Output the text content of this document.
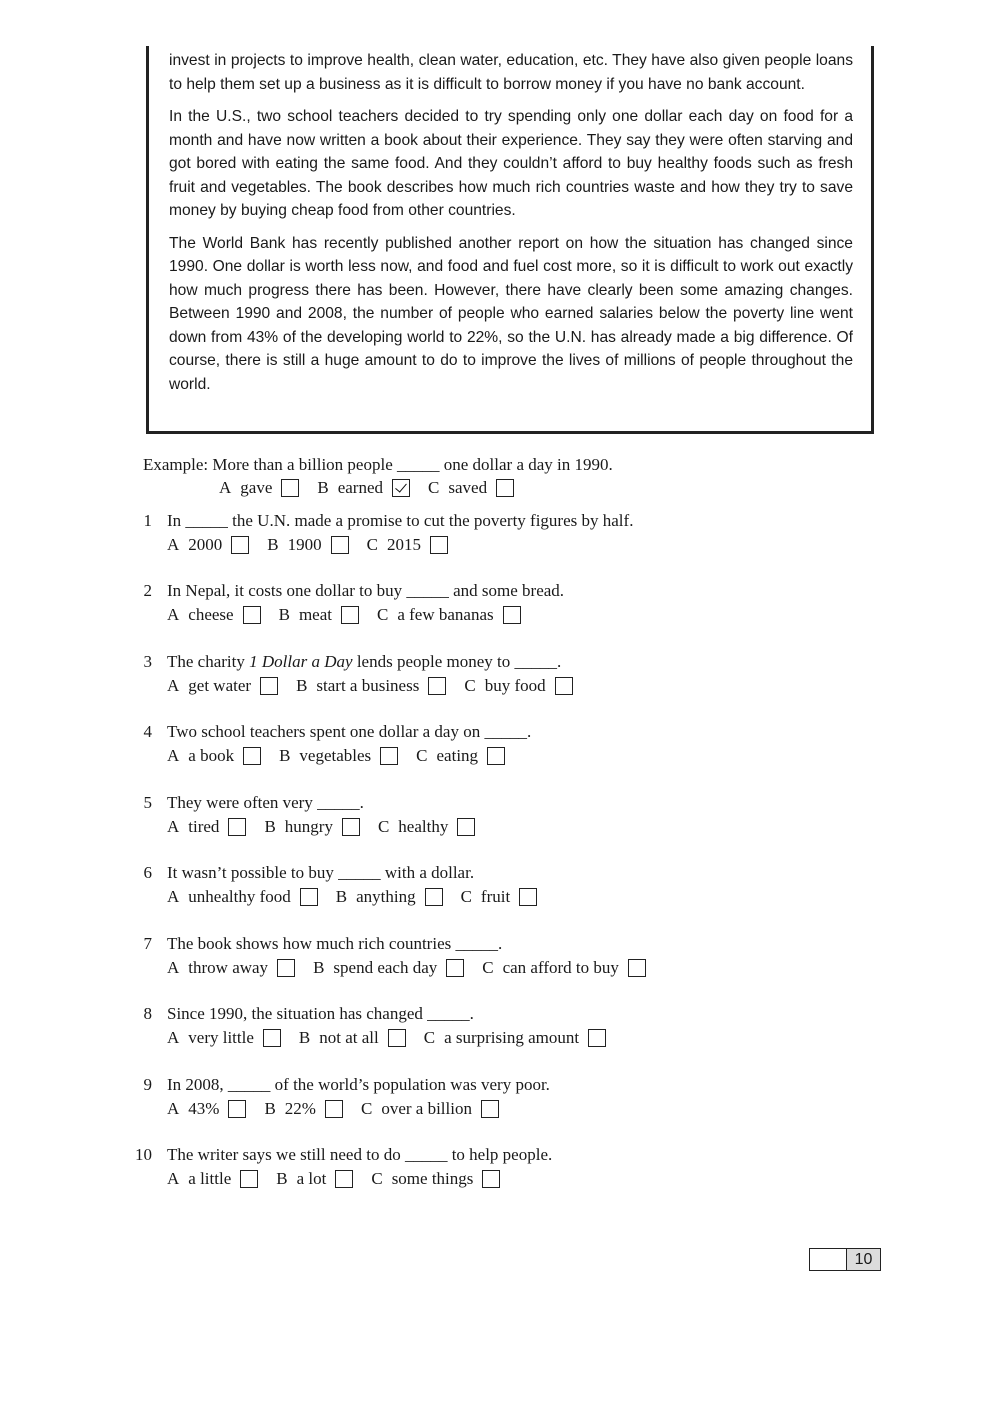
invest in projects to improve health, clean water, education, etc. They have also given people loans to help them set up a business as it is difficult to borrow money if you have no bank account.

In the U.S., two school teachers decided to try spending only one dollar each day on food for a month and have now written a book about their experience. They say they were often starving and got bored with eating the same food. And they couldn’t afford to buy healthy foods such as fresh fruit and vegetables. The book describes how much rich countries waste and how they try to save money by buying cheap food from other countries.

The World Bank has recently published another report on how the situation has changed since 1990. One dollar is worth less now, and food and fuel cost more, so it is difficult to work out exactly how much progress there has been. However, there have clearly been some amazing changes. Between 1990 and 2008, the number of people who earned salaries below the poverty line went down from 43% of the developing world to 22%, so the U.N. has already made a big difference. Of course, there is still a huge amount to do to improve the lives of millions of people throughout the world.

Example: More than a billion people _____ one dollar a day in 1990.
A gave	B earned	C saved
1 In _____ the U.N. made a promise to cut the poverty figures by half.
A 2000	B 1900	C 2015
2 In Nepal, it costs one dollar to buy _____ and some bread.
A cheese	B meat	C a few bananas
3 The charity 1 Dollar a Day lends people money to _____.
A get water	B start a business	C buy food
4 Two school teachers spent one dollar a day on _____.
A a book	B vegetables	C eating
5 They were often very _____.
A tired	B hungry	C healthy
6 It wasn’t possible to buy _____ with a dollar.
A unhealthy food	B anything	C fruit
7 The book shows how much rich countries _____.
A throw away	B spend each day	C can afford to buy
8 Since 1990, the situation has changed _____.
A very little	B not at all	C a surprising amount
9 In 2008, _____ of the world’s population was very poor.
A 43%	B 22%	C over a billion
10 The writer says we still need to do _____ to help people.
A a little	B a lot	C some things
10
